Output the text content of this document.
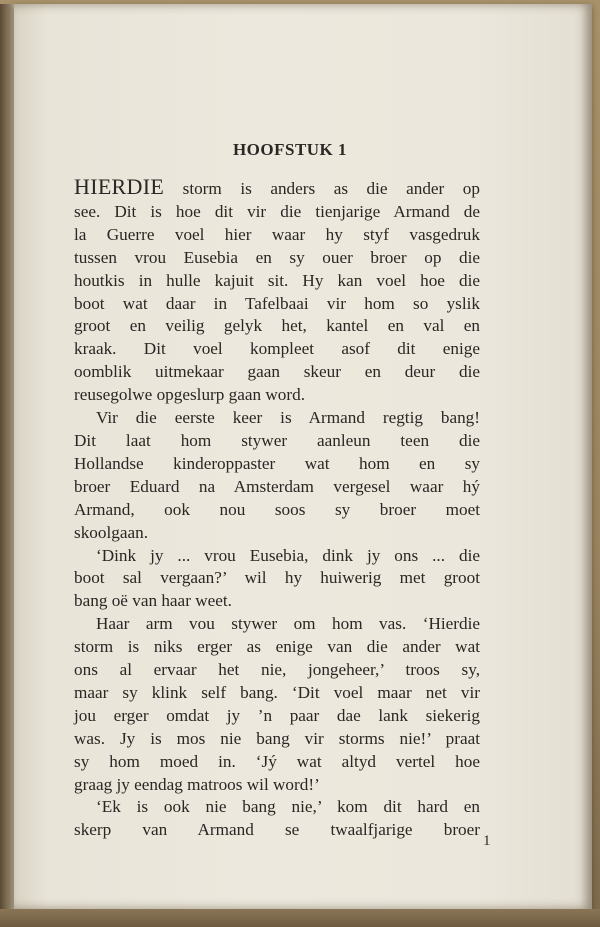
HOOFSTUK 1

HIERDIE storm is anders as die ander op
see. Dit is hoe dit vir die tienjarige Armand de
la Guerre voel hier waar hy styf vasgedruk
tussen vrou Eusebia en sy ouer broer op die
houtkis in hulle kajuit sit. Hy kan voel hoe die
boot wat daar in Tafelbaai vir hom so yslik
groot en veilig gelyk het, kantel en val en
kraak. Dit voel kompleet asof dit enige
oomblik uitmekaar gaan skeur en deur die
reusegolwe opgeslurp gaan word.

Vir die eerste keer is Armand regtig bang!
Dit laat hom stywer aanleun teen die
Hollandse kinderoppaster wat hom en sy
broer Eduard na Amsterdam vergesel waar hý
Armand, ook nou soos sy broer moet
skoolgaan.

‘Dink jy ... vrou Eusebia, dink jy ons ... die
boot sal vergaan?’ wil hy huiwerig met groot
bang oë van haar weet.

Haar arm vou stywer om hom vas. ‘Hierdie
storm is niks erger as enige van die ander wat
ons al ervaar het nie, jongeheer,’ troos sy,
maar sy klink self bang. ‘Dit voel maar net vir
jou erger omdat jy ’n paar dae lank siekerig
was. Jy is mos nie bang vir storms nie!’ praat
sy hom moed in. ‘Jý wat altyd vertel hoe
graag jy eendag matroos wil word!’

‘Ek is ook nie bang nie,’ kom dit hard en
skerp van Armand se twaalfjarige broer

1
